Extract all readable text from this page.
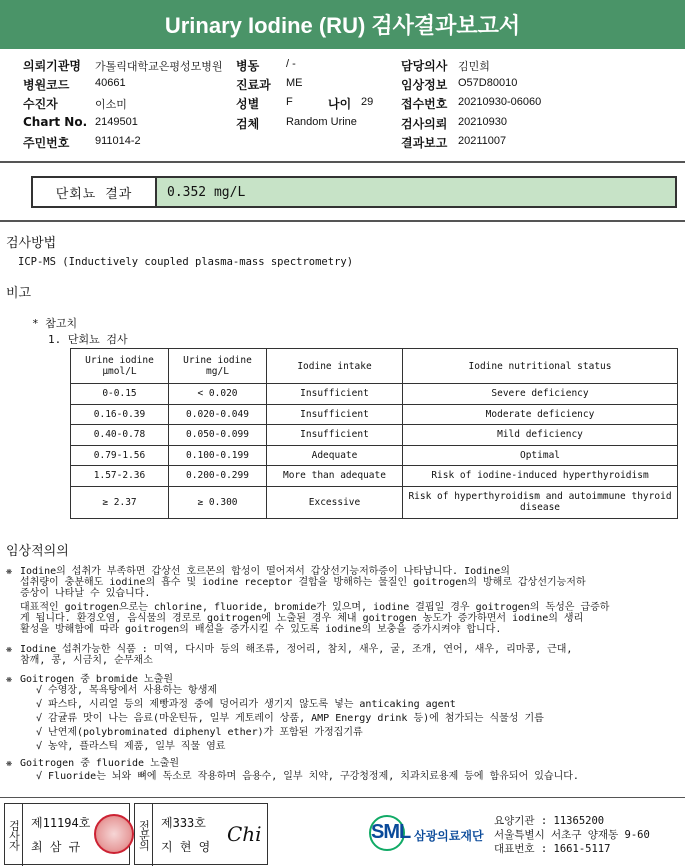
Urinary Iodine (RU) 검사결과보고서
의뢰기관명 가톨릭대학교은평성모병원 병동 / -	담당의사 김민희
병원코드 40661	진료과 ME	임상정보 O57D80010
수진자	이소미	성별 F	나이 29 접수번호 20210930-06060
Chart No. 2149501	검체 Random Urine	검사의뢰 20210930
주민번호 911014-2	결과보고 20211007
단회뇨 결과	0.352 mg/L
검사방법
ICP-MS (Inductively coupled plasma-mass spectrometry)
비고
* 참고치
1. 단회뇨 검사
Urine iodine μmol/L	Urine iodine mg/L	Iodine intake	Iodine nutritional status
0-0.15	< 0.020	Insufficient	Severe deficiency
0.16-0.39	0.020-0.049	Insufficient	Moderate deficiency
0.40-0.78	0.050-0.099	Insufficient	Mild deficiency
0.79-1.56	0.100-0.199	Adequate	Optimal
1.57-2.36	0.200-0.299	More than adequate	Risk of iodine-induced hyperthyroidism
≥ 2.37	≥ 0.300	Excessive	Risk of hyperthyroidism and autoimmune thyroid disease
임상적의의
❋ Iodine의 섭취가 부족하면 갑상선 호르몬의 합성이 떨어져서 갑상선기능저하증이 나타납니다. Iodine의
섭취량이 충분해도 iodine의 흡수 및 iodine receptor 결합을 방해하는 물질인 goitrogen의 방해로 갑상선기능저하
증상이 나타날 수 있습니다.
대표적인 goitrogen으로는 chlorine, fluoride, bromide가 있으며, iodine 결핍일 경우 goitrogen의 독성은 급증하
게 됩니다. 환경오염, 음식물의 경로로 goitrogen에 노출된 경우 체내 goitrogen 농도가 증가하면서 iodine의 생리
활성을 방해함에 따라 goitrogen의 배설을 증가시킬 수 있도록 iodine의 보충을 증가시켜야 합니다.
❋ Iodine 섭취가능한 식품 : 미역, 다시마 등의 해조류, 정어리, 참치, 새우, 굴, 조개, 연어, 새우, 리마콩, 근대,
참깨, 콩, 시금치, 순무채소
❋ Goitrogen 중 bromide 노출원
√ 수영장, 목욕탕에서 사용하는 항생제
√ 파스타, 시리얼 등의 제빵과정 중에 덩어리가 생기지 않도록 넣는 anticaking agent
√ 감귤류 맛이 나는 음료(마운틴듀, 일부 게토레이 상품, AMP Energy drink 등)에 첨가되는 식물성 기름
√ 난연제(polybrominated diphenyl ether)가 포함된 가정집기류
√ 농약, 플라스틱 제품, 일부 직물 염료
❋ Goitrogen 중 fluoride 노출원
√ Fluoride는 뇌와 뼈에 독소로 작용하며 음용수, 일부 치약, 구강청정제, 치과치료용제 등에 함유되어 있습니다.
검사자 제11194호
최 삼 규	전문의 제333호
지 현 영
Chi	SML 삼광의료재단
요양기관 : 11365200
서울특별시 서초구 양재동 9-60
대표번호 : 1661-5117
